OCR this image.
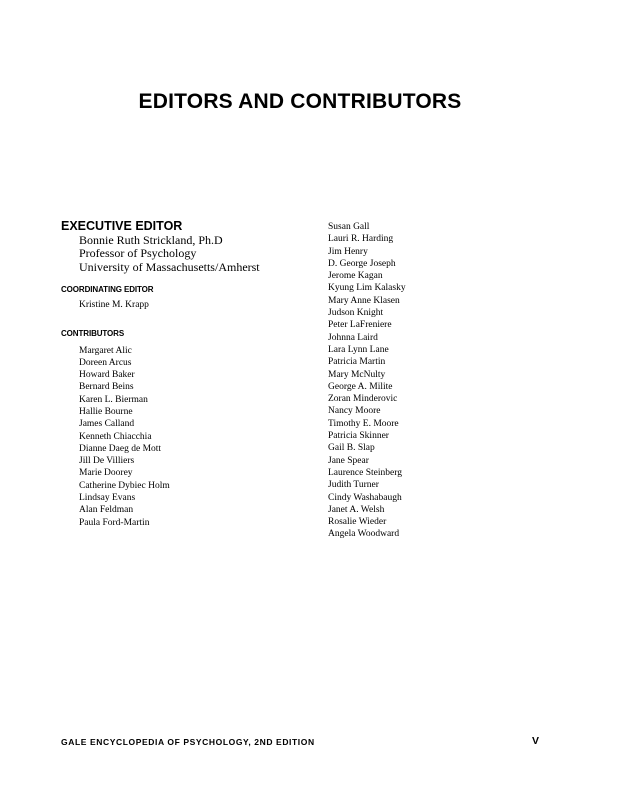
EDITORS AND CONTRIBUTORS
EXECUTIVE EDITOR
Bonnie Ruth Strickland, Ph.D
Professor of Psychology
University of Massachusetts/Amherst
COORDINATING EDITOR
Kristine M. Krapp
CONTRIBUTORS
Margaret Alic
Doreen Arcus
Howard Baker
Bernard Beins
Karen L. Bierman
Hallie Bourne
James Calland
Kenneth Chiacchia
Dianne Daeg de Mott
Jill De Villiers
Marie Doorey
Catherine Dybiec Holm
Lindsay Evans
Alan Feldman
Paula Ford-Martin
Susan Gall
Lauri R. Harding
Jim Henry
D. George Joseph
Jerome Kagan
Kyung Lim Kalasky
Mary Anne Klasen
Judson Knight
Peter LaFreniere
Johnna Laird
Lara Lynn Lane
Patricia Martin
Mary McNulty
George A. Milite
Zoran Minderovic
Nancy Moore
Timothy E. Moore
Patricia Skinner
Gail B. Slap
Jane Spear
Laurence Steinberg
Judith Turner
Cindy Washabaugh
Janet A. Welsh
Rosalie Wieder
Angela Woodward
GALE ENCYCLOPEDIA OF PSYCHOLOGY, 2ND EDITION	V
